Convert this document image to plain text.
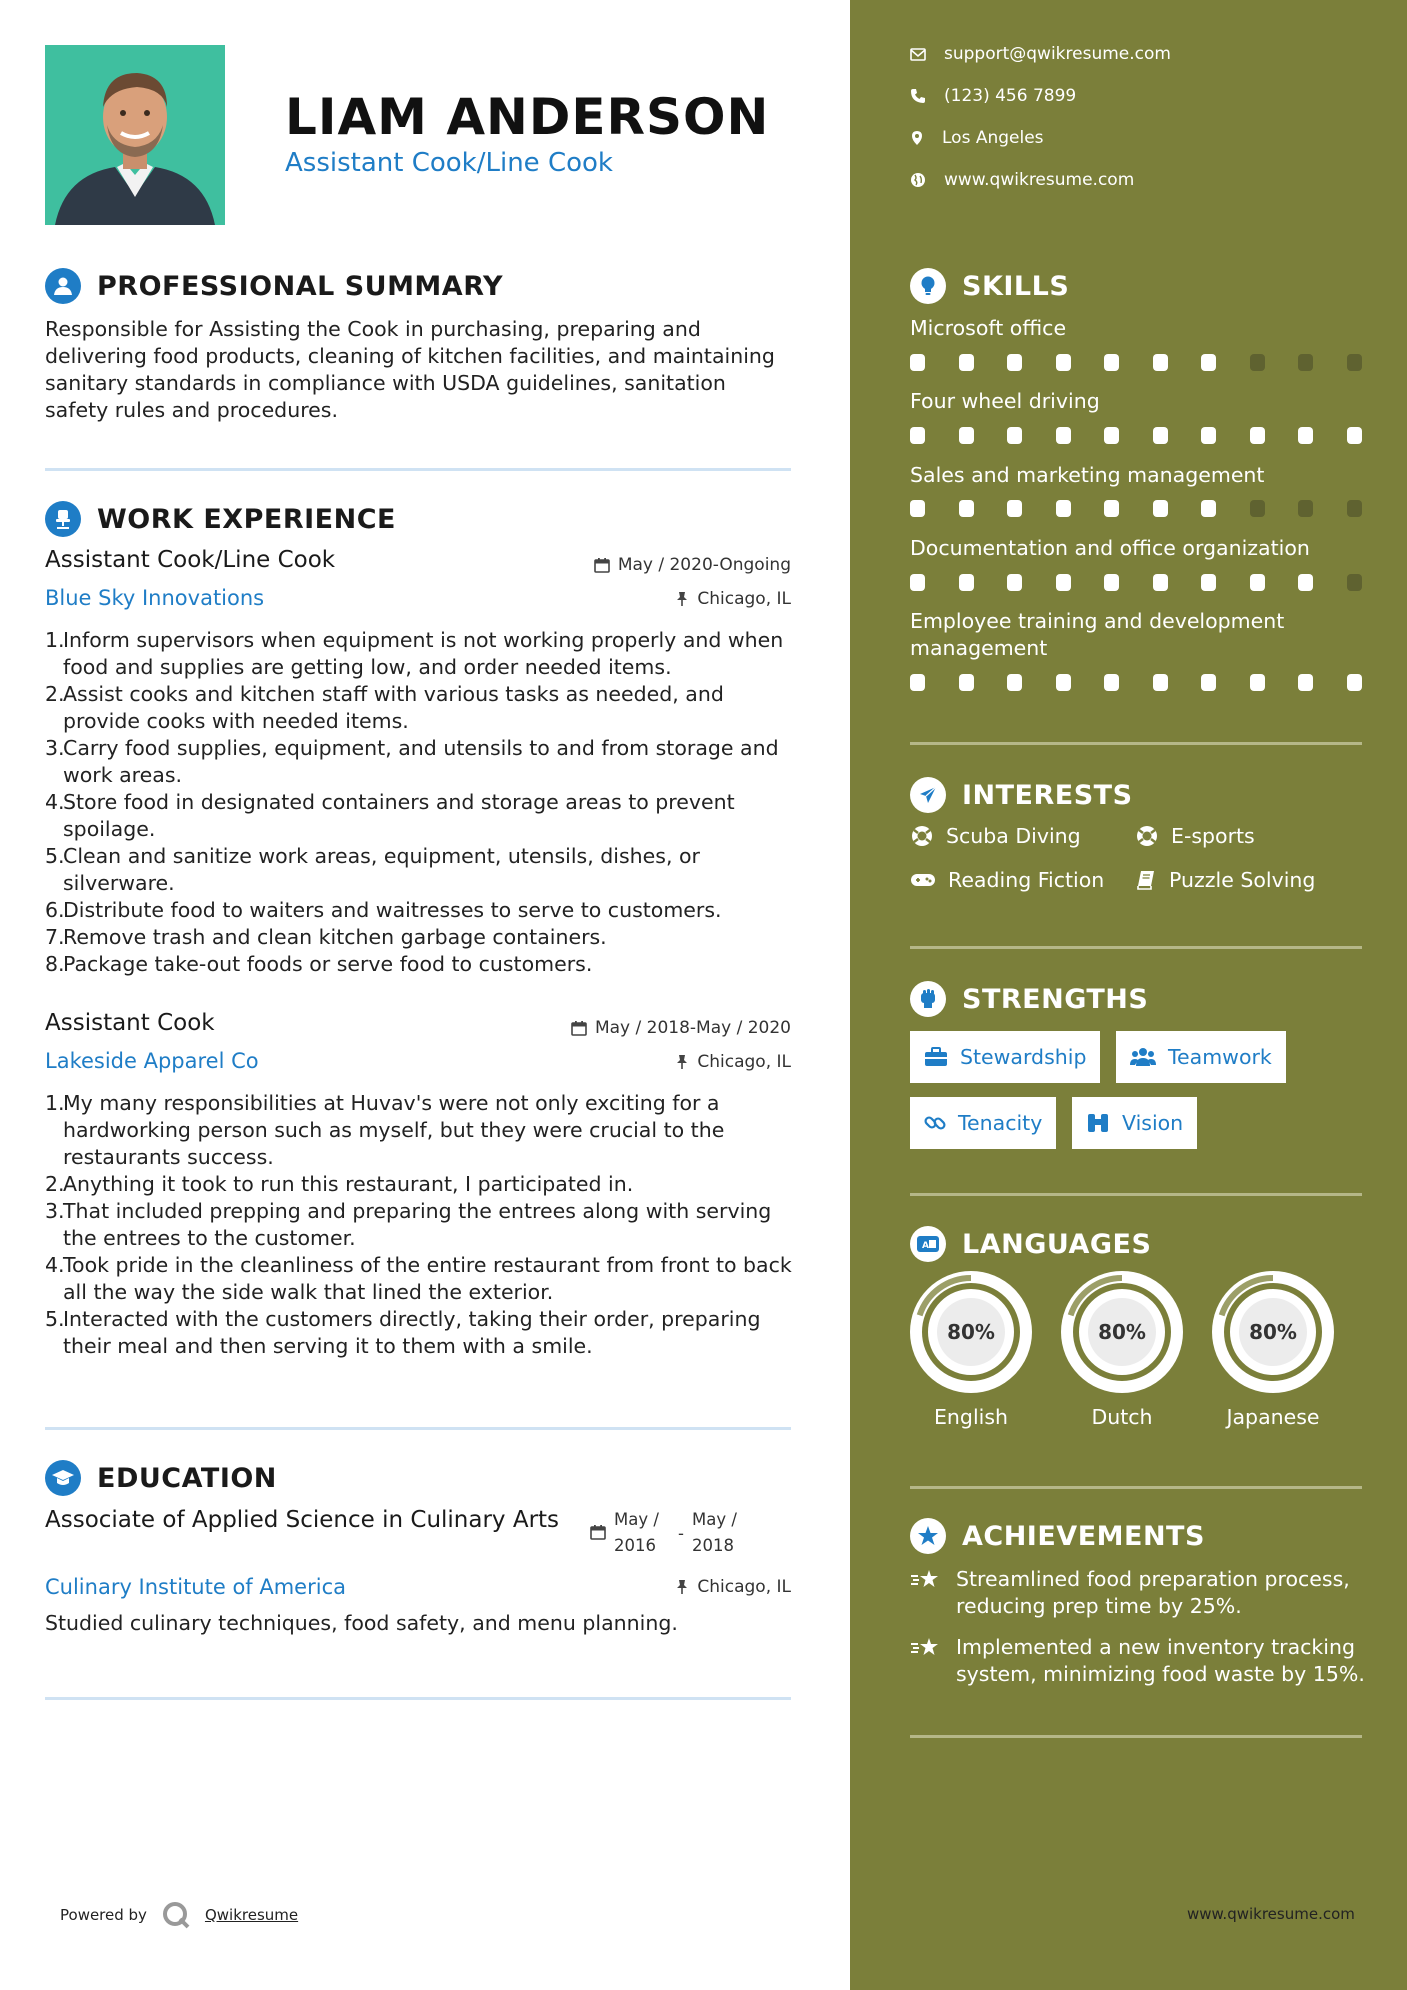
LIAM ANDERSON
Assistant Cook/Line Cook
PROFESSIONAL SUMMARY
Responsible for Assisting the Cook in purchasing, preparing and delivering food products, cleaning of kitchen facilities, and maintaining sanitary standards in compliance with USDA guidelines, sanitation safety rules and procedures.
WORK EXPERIENCE
Assistant Cook/Line Cook	May / 2020-Ongoing
Blue Sky Innovations	Chicago, IL
1.
Inform supervisors when equipment is not working properly and when food and supplies are getting low, and order needed items.
2.
Assist cooks and kitchen staff with various tasks as needed, and provide cooks with needed items.
3.
Carry food supplies, equipment, and utensils to and from storage and work areas.
4.
Store food in designated containers and storage areas to prevent spoilage.
5.
Clean and sanitize work areas, equipment, utensils, dishes, or silverware.
6.
Distribute food to waiters and waitresses to serve to customers.
7.
Remove trash and clean kitchen garbage containers.
8.
Package take-out foods or serve food to customers.
Assistant Cook	May / 2018-May / 2020
Lakeside Apparel Co	Chicago, IL
1.
My many responsibilities at Huvav's were not only exciting for a hardworking person such as myself, but they were crucial to the restaurants success.
2.
Anything it took to run this restaurant, I participated in.
3.
That included prepping and preparing the entrees along with serving the entrees to the customer.
4.
Took pride in the cleanliness of the entire restaurant from front to back all the way the side walk that lined the exterior.
5.
Interacted with the customers directly, taking their order, preparing their meal and then serving it to them with a smile.
EDUCATION
Associate of Applied Science in Culinary Arts	May /
2016
-
May /
2018
Culinary Institute of America	Chicago, IL
Studied culinary techniques, food safety, and menu planning.
Powered by	Qwikresume
support@qwikresume.com
(123) 456 7899
Los Angeles
www.qwikresume.com
SKILLS
Microsoft office
Four wheel driving
Sales and marketing management
Documentation and office organization
Employee training and development management
INTERESTS
Scuba Diving	E-sports
Reading Fiction	Puzzle Solving
STRENGTHS
Stewardship	Teamwork
Tenacity	Vision
A LANGUAGES
80%
English
80%
Dutch
80%
Japanese
ACHIEVEMENTS
Streamlined food preparation process, reducing prep time by 25%.
Implemented a new inventory tracking system, minimizing food waste by 15%.
www.qwikresume.com
